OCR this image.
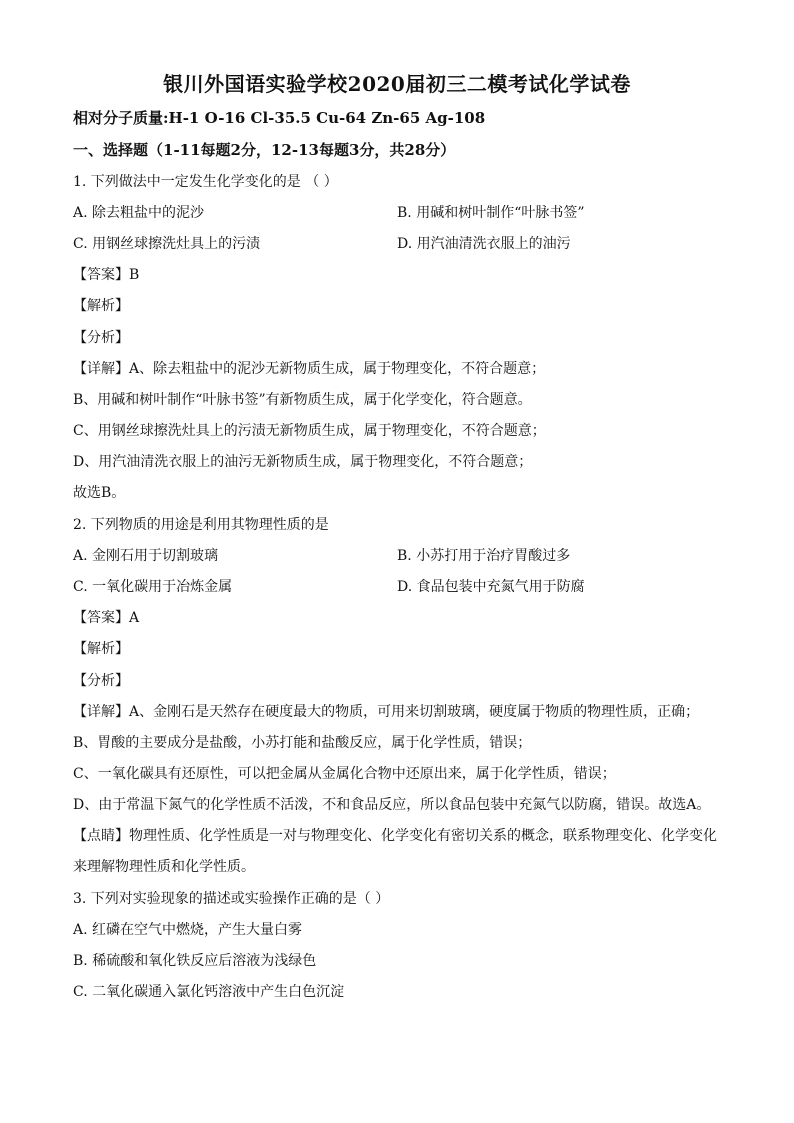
银川外国语实验学校2020届初三二模考试化学试卷
相对分子质量:H-1 O-16 Cl-35.5 Cu-64 Zn-65 Ag-108
一、选择题（1-11每题2分，12-13每题3分，共28分）
1. 下列做法中一定发生化学变化的是 （ ）
A. 除去粗盐中的泥沙	B. 用碱和树叶制作“叶脉书签”
C. 用钢丝球擦洗灶具上的污渍	D. 用汽油清洗衣服上的油污
【答案】B
【解析】
【分析】
【详解】A、除去粗盐中的泥沙无新物质生成，属于物理变化，不符合题意；
B、用碱和树叶制作“叶脉书签”有新物质生成，属于化学变化，符合题意。
C、用钢丝球擦洗灶具上的污渍无新物质生成，属于物理变化，不符合题意；
D、用汽油清洗衣服上的油污无新物质生成，属于物理变化，不符合题意；
故选B。
2. 下列物质的用途是利用其物理性质的是
A. 金刚石用于切割玻璃	B. 小苏打用于治疗胃酸过多
C. 一氧化碳用于冶炼金属	D. 食品包装中充氮气用于防腐
【答案】A
【解析】
【分析】
【详解】A、金刚石是天然存在硬度最大的物质，可用来切割玻璃，硬度属于物质的物理性质，正确；
B、胃酸的主要成分是盐酸，小苏打能和盐酸反应，属于化学性质，错误；
C、一氧化碳具有还原性，可以把金属从金属化合物中还原出来，属于化学性质，错误；
D、由于常温下氮气的化学性质不活泼，不和食品反应，所以食品包装中充氮气以防腐，错误。故选A。
【点睛】物理性质、化学性质是一对与物理变化、化学变化有密切关系的概念，联系物理变化、化学变化
来理解物理性质和化学性质。
3. 下列对实验现象的描述或实验操作正确的是（ ）
A. 红磷在空气中燃烧，产生大量白雾
B. 稀硫酸和氧化铁反应后溶液为浅绿色
C. 二氧化碳通入氯化钙溶液中产生白色沉淀
